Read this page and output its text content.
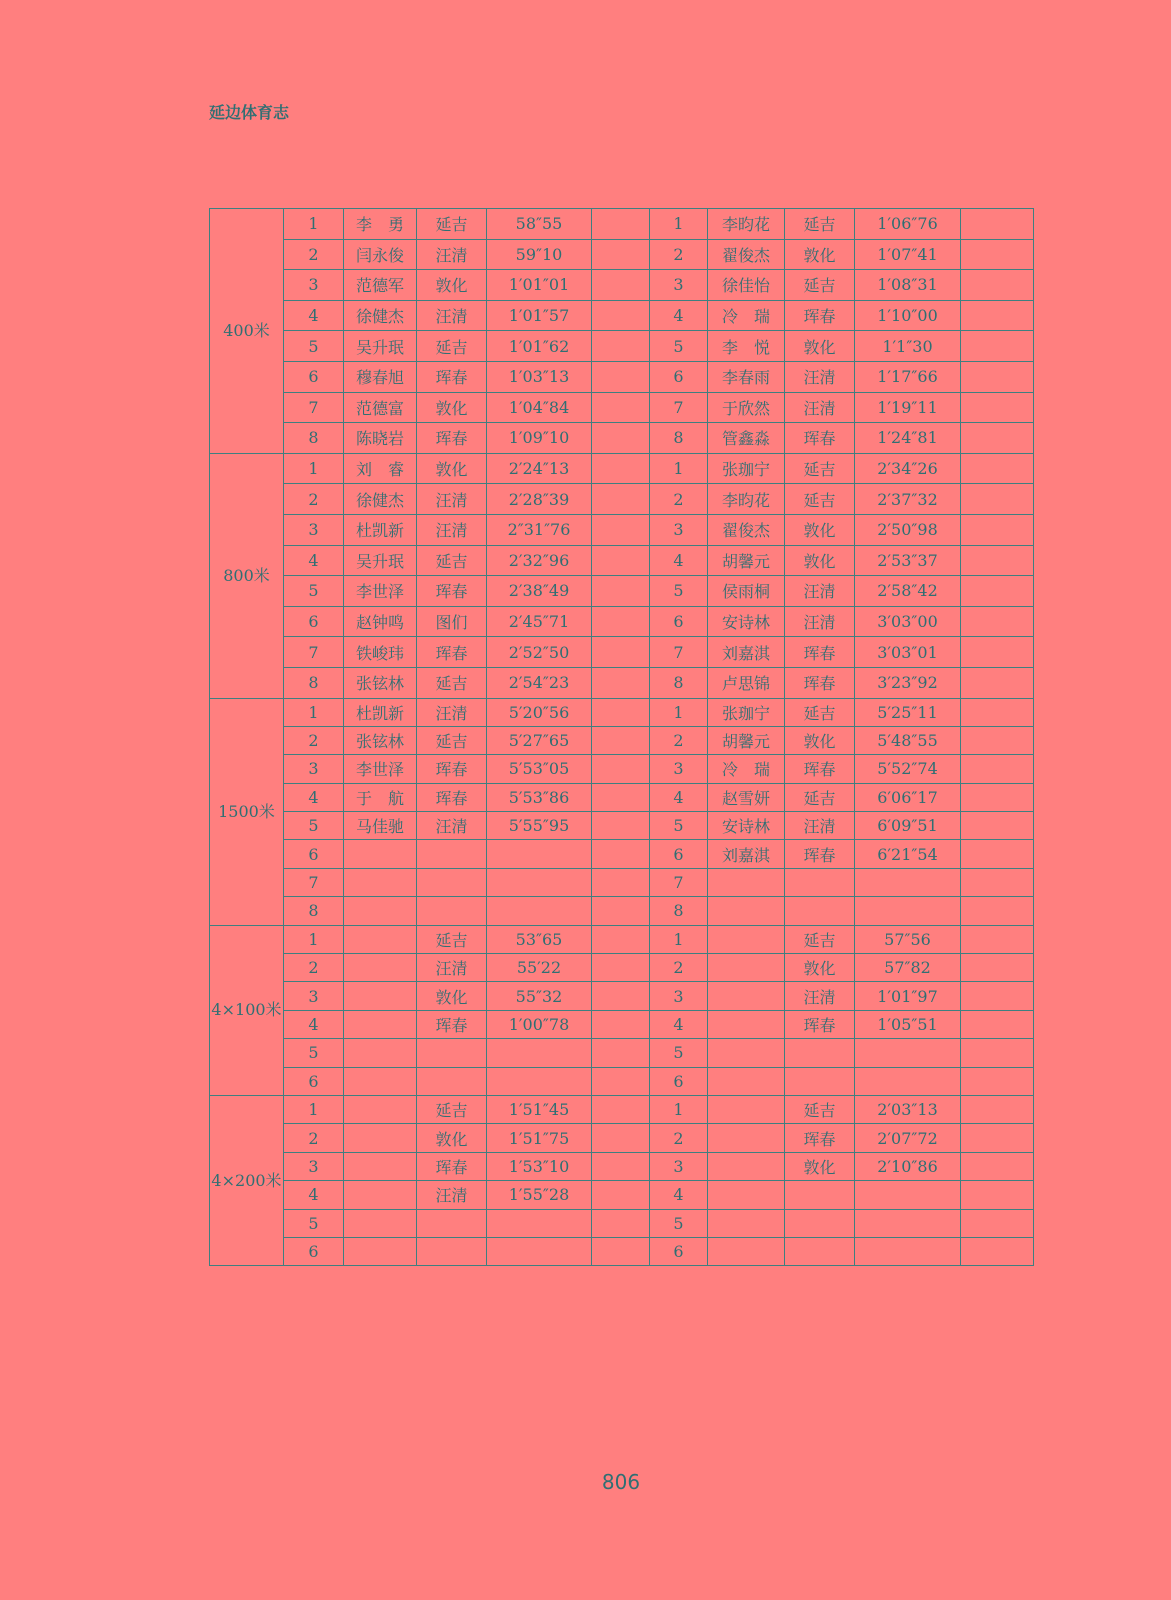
延边体育志
400米	1	李　勇	延吉	58″55		1	李昀花	延吉	1′06″76	
	2	闫永俊	汪清	59″10		2	翟俊杰	敦化	1′07″41	
	3	范德军	敦化	1′01″01		3	徐佳怡	延吉	1′08″31	
	4	徐健杰	汪清	1′01″57		4	冷　瑞	珲春	1′10″00	
	5	吴升珉	延吉	1′01″62		5	李　悦	敦化	1′1″30	
	6	穆春旭	珲春	1′03″13		6	李春雨	汪清	1′17″66	
	7	范德富	敦化	1′04″84		7	于欣然	汪清	1′19″11	
	8	陈晓岩	珲春	1′09″10		8	管鑫淼	珲春	1′24″81	
800米	1	刘　睿	敦化	2′24″13		1	张珈宁	延吉	2′34″26	
	2	徐健杰	汪清	2′28″39		2	李昀花	延吉	2′37″32	
	3	杜凯新	汪清	2″31″76		3	翟俊杰	敦化	2′50″98	
	4	吴升珉	延吉	2′32″96		4	胡馨元	敦化	2′53″37	
	5	李世泽	珲春	2′38″49		5	侯雨桐	汪清	2′58″42	
	6	赵钟鸣	图们	2′45″71		6	安诗林	汪清	3′03″00	
	7	铁峻玮	珲春	2′52″50		7	刘嘉淇	珲春	3′03″01	
	8	张铉林	延吉	2′54″23		8	卢思锦	珲春	3′23″92	
1500米	1	杜凯新	汪清	5′20″56		1	张珈宁	延吉	5′25″11	
	2	张铉林	延吉	5′27″65		2	胡馨元	敦化	5′48″55	
	3	李世泽	珲春	5′53″05		3	冷　瑞	珲春	5′52″74	
	4	于　航	珲春	5′53″86		4	赵雪妍	延吉	6′06″17	
	5	马佳驰	汪清	5′55″95		5	安诗林	汪清	6′09″51	
	6					6	刘嘉淇	珲春	6′21″54	
	7					7				
	8					8				
4×100米	1		延吉	53″65		1		延吉	57″56	
	2		汪清	55′22		2		敦化	57″82	
	3		敦化	55″32		3		汪清	1′01″97	
	4		珲春	1′00″78		4		珲春	1′05″51	
	5					5				
	6					6				
4×200米	1		延吉	1′51″45		1		延吉	2′03″13	
	2		敦化	1′51″75		2		珲春	2′07″72	
	3		珲春	1′53″10		3		敦化	2′10″86	
	4		汪清	1′55″28		4				
	5					5				
	6					6				
806
